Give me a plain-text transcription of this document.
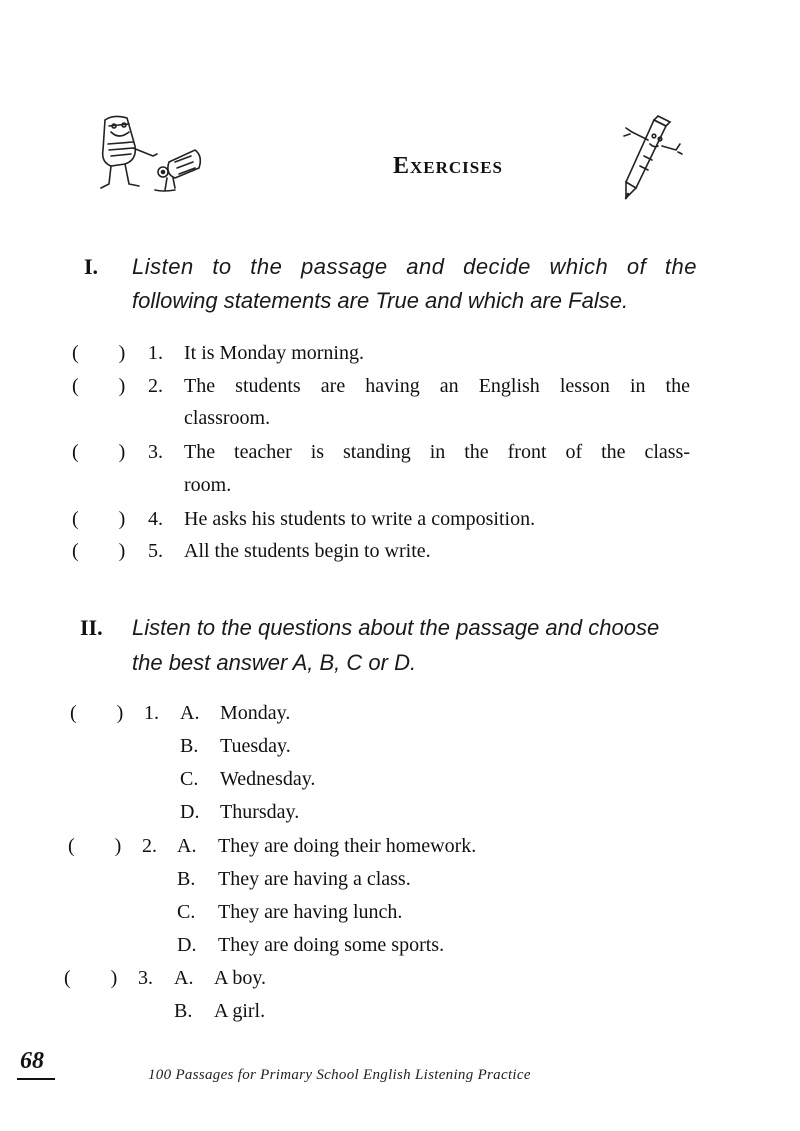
Exercises
I. Listen to the passage and decide which of the
following statements are True and which are False.
(        ) 1. It is Monday morning.
(        ) 2. The students are having an English lesson in the
classroom.
(        ) 3. The teacher is standing in the front of the class-
room.
(        ) 4. He asks his students to write a composition.
(        ) 5. All the students begin to write.
II. Listen to the questions about the passage and choose
the best answer A, B, C or D.
(        ) 1. A. Monday.
B. Tuesday.
C. Wednesday.
D. Thursday.
(        ) 2. A. They are doing their homework.
B. They are having a class.
C. They are having lunch.
D. They are doing some sports.
(        ) 3. A. A boy.
B. A girl.
68
100 Passages for Primary School English Listening Practice
